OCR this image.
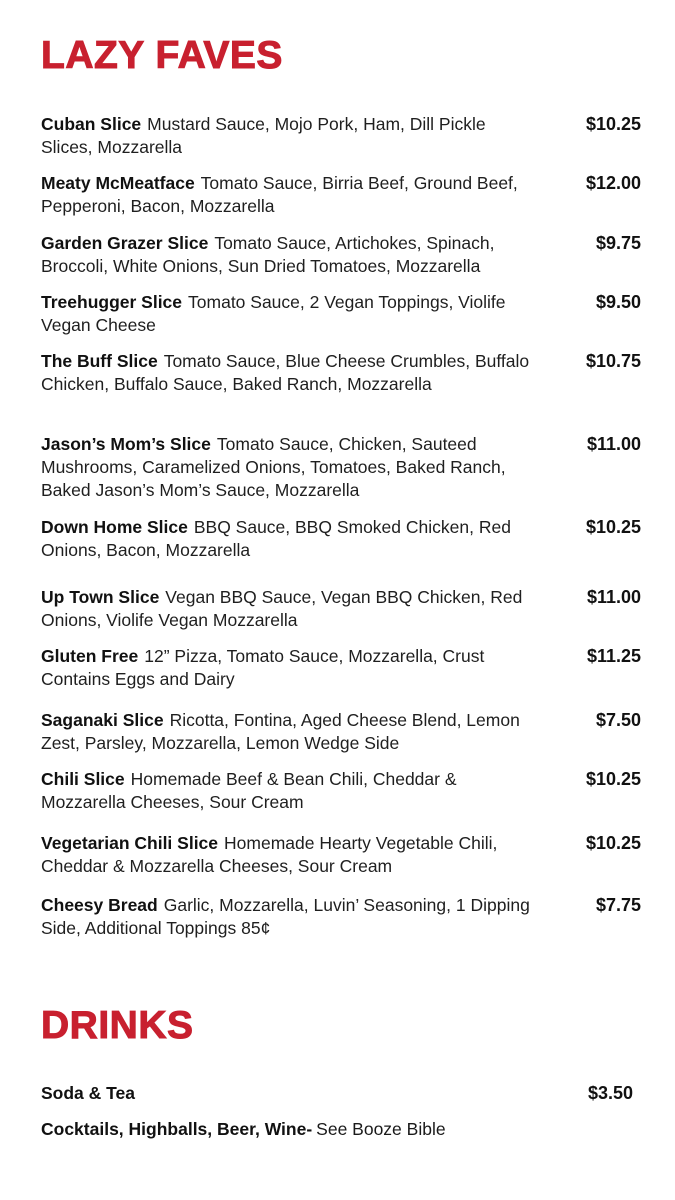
LAZY FAVES
Cuban Slice Mustard Sauce, Mojo Pork, Ham, Dill Pickle Slices, Mozzarella
$10.25
Meaty McMeatface Tomato Sauce, Birria Beef, Ground Beef, Pepperoni, Bacon, Mozzarella
$12.00
Garden Grazer Slice Tomato Sauce, Artichokes, Spinach, Broccoli, White Onions, Sun Dried Tomatoes, Mozzarella
$9.75
Treehugger Slice Tomato Sauce, 2 Vegan Toppings, Violife Vegan Cheese
$9.50
The Buff Slice Tomato Sauce, Blue Cheese Crumbles, Buffalo Chicken, Buffalo Sauce, Baked Ranch, Mozzarella
$10.75
Jason’s Mom’s Slice Tomato Sauce, Chicken, Sauteed Mushrooms, Caramelized Onions, Tomatoes, Baked Ranch, Baked Jason’s Mom’s Sauce, Mozzarella
$11.00
Down Home Slice BBQ Sauce, BBQ Smoked Chicken, Red Onions, Bacon, Mozzarella
$10.25
Up Town Slice Vegan BBQ Sauce, Vegan BBQ Chicken, Red Onions, Violife Vegan Mozzarella
$11.00
Gluten Free 12” Pizza, Tomato Sauce, Mozzarella, Crust Contains Eggs and Dairy
$11.25
Saganaki Slice Ricotta, Fontina, Aged Cheese Blend, Lemon Zest, Parsley, Mozzarella, Lemon Wedge Side
$7.50
Chili Slice Homemade Beef & Bean Chili, Cheddar & Mozzarella Cheeses, Sour Cream
$10.25
Vegetarian Chili Slice Homemade Hearty Vegetable Chili, Cheddar & Mozzarella Cheeses, Sour Cream
$10.25
Cheesy Bread Garlic, Mozzarella, Luvin’ Seasoning, 1 Dipping Side, Additional Toppings 85¢
$7.75
DRINKS
Soda & Tea	$3.50
Cocktails, Highballs, Beer, Wine- See Booze Bible
